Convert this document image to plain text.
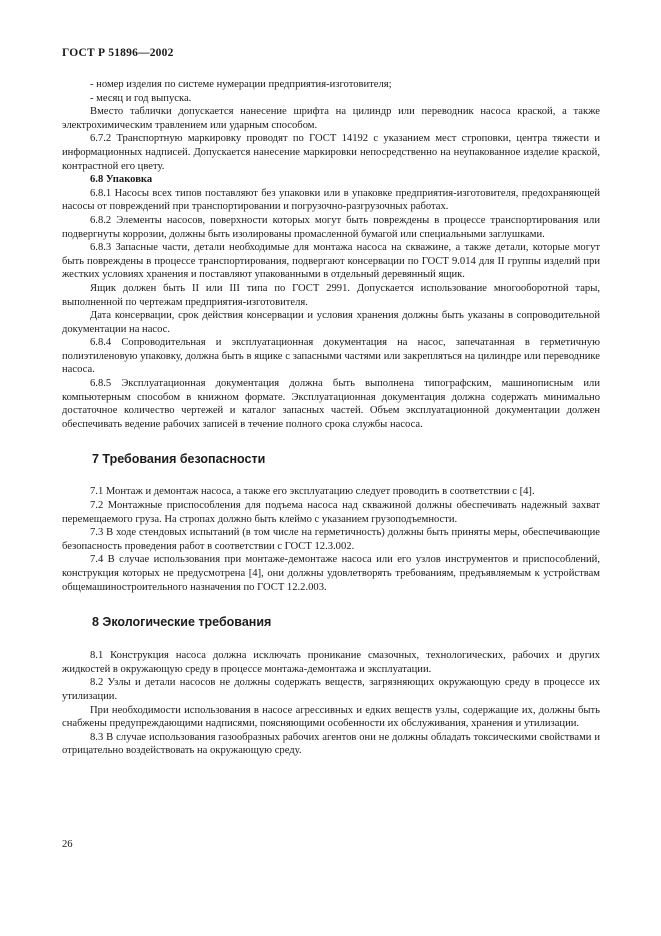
ГОСТ Р 51896—2002

- номер изделия по системе нумерации предприятия-изготовителя;

- месяц и год выпуска.

Вместо таблички допускается нанесение шрифта на цилиндр или переводник насоса краской, а также электрохимическим травлением или ударным способом.

6.7.2 Транспортную маркировку проводят по ГОСТ 14192 с указанием мест строповки, центра тяжести и информационных надписей. Допускается нанесение маркировки непосредственно на неупакованное изделие краской, контрастной его цвету.

6.8 Упаковка

6.8.1 Насосы всех типов поставляют без упаковки или в упаковке предприятия-изготовителя, предохраняющей насосы от повреждений при транспортировании и погрузочно-разгрузочных работах.

6.8.2 Элементы насосов, поверхности которых могут быть повреждены в процессе транспортирования или подвергнуты коррозии, должны быть изолированы промасленной бумагой или специальными заглушками.

6.8.3 Запасные части, детали необходимые для монтажа насоса на скважине, а также детали, которые могут быть повреждены в процессе транспортирования, подвергают консервации по ГОСТ 9.014 для II группы изделий при жестких условиях хранения и поставляют упакованными в отдельный деревянный ящик.

Ящик должен быть II или III типа по ГОСТ 2991. Допускается использование многооборотной тары, выполненной по чертежам предприятия-изготовителя.

Дата консервации, срок действия консервации и условия хранения должны быть указаны в сопроводительной документации на насос.

6.8.4 Сопроводительная и эксплуатационная документация на насос, запечатанная в герметичную полиэтиленовую упаковку, должна быть в ящике с запасными частями или закрепляться на цилиндре или переводнике насоса.

6.8.5 Эксплуатационная документация должна быть выполнена типографским, машинописным или компьютерным способом в книжном формате. Эксплуатационная документация должна содержать минимально достаточное количество чертежей и каталог запасных частей. Объем эксплуатационной документации должен обеспечивать ведение рабочих записей в течение полного срока службы насоса.

7 Требования безопасности

7.1 Монтаж и демонтаж насоса, а также его эксплуатацию следует проводить в соответствии с [4].

7.2 Монтажные приспособления для подъема насоса над скважиной должны обеспечивать надежный захват перемещаемого груза. На стропах должно быть клеймо с указанием грузоподъемности.

7.3 В ходе стендовых испытаний (в том числе на герметичность) должны быть приняты меры, обеспечивающие безопасность проведения работ в соответствии с ГОСТ 12.3.002.

7.4 В случае использования при монтаже-демонтаже насоса или его узлов инструментов и приспособлений, конструкция которых не предусмотрена [4], они должны удовлетворять требованиям, предъявляемым к устройствам общемашиностроительного назначения по ГОСТ 12.2.003.

8 Экологические требования

8.1 Конструкция насоса должна исключать проникание смазочных, технологических, рабочих и других жидкостей в окружающую среду в процессе монтажа-демонтажа и эксплуатации.

8.2 Узлы и детали насосов не должны содержать веществ, загрязняющих окружающую среду в процессе их утилизации.

При необходимости использования в насосе агрессивных и едких веществ узлы, содержащие их, должны быть снабжены предупреждающими надписями, поясняющими особенности их обслуживания, хранения и утилизации.

8.3 В случае использования газообразных рабочих агентов они не должны обладать токсическими свойствами и отрицательно воздействовать на окружающую среду.

26
